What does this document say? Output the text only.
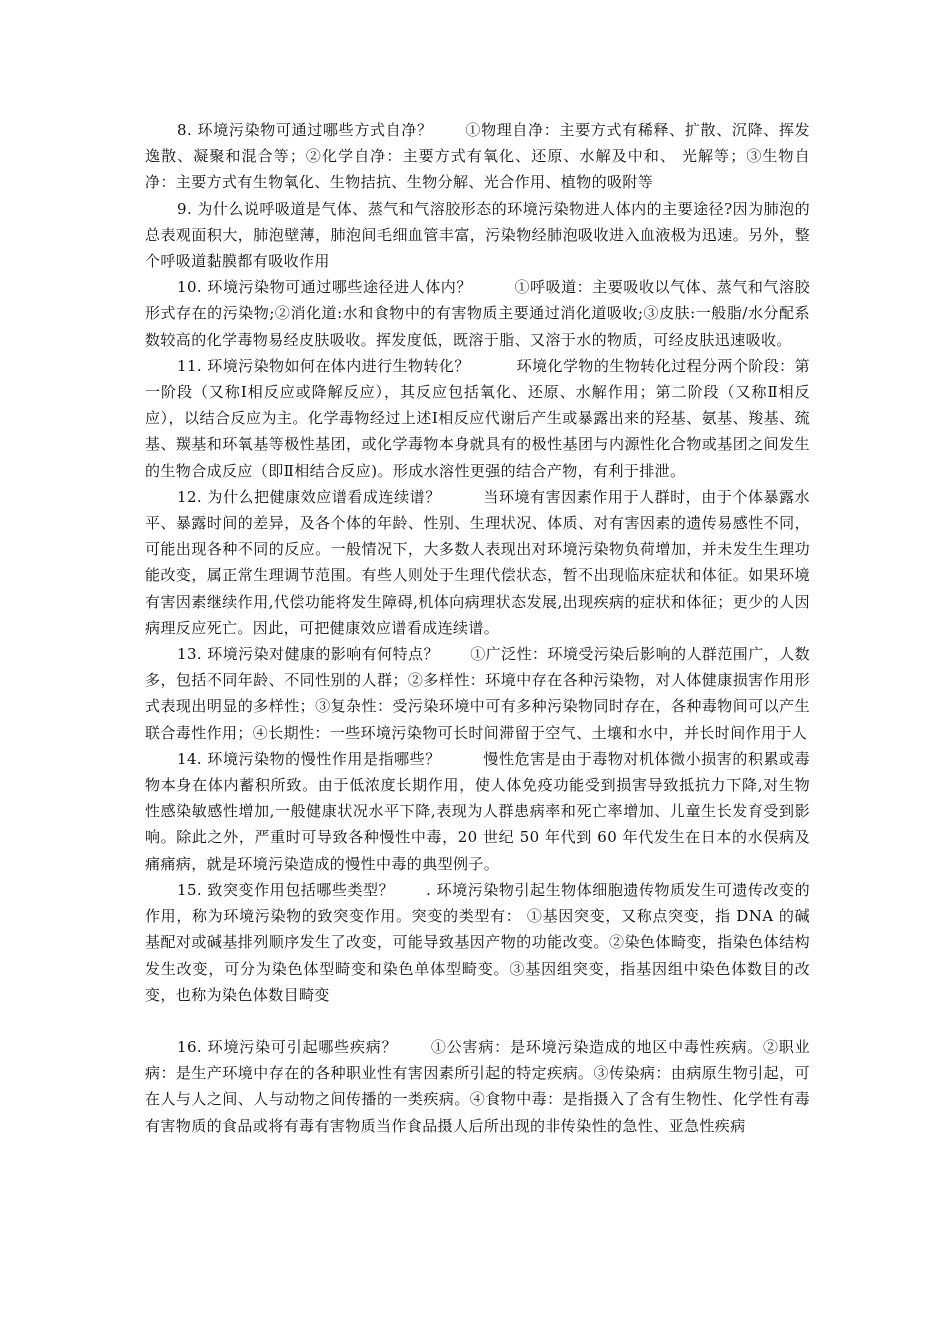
8. 环境污染物可通过哪些方式自净？ ①物理自净：主要方式有稀释、扩散、沉降、挥发逸散、凝聚和混合等；②化学自净：主要方式有氧化、还原、水解及中和、 光解等；③生物自净：主要方式有生物氧化、生物拮抗、生物分解、光合作用、植物的吸附等

9. 为什么说呼吸道是气体、蒸气和气溶胶形态的环境污染物进人体内的主要途径?因为肺泡的总表观面积大，肺泡壁薄，肺泡间毛细血管丰富，污染物经肺泡吸收进入血液极为迅速。另外，整个呼吸道黏膜都有吸收作用

10. 环境污染物可通过哪些途径进人体内？	①呼吸道：主要吸收以气体、蒸气和气溶胶形式存在的污染物;②消化道:水和食物中的有害物质主要通过消化道吸收;③皮肤:一般脂/水分配系数较高的化学毒物易经皮肤吸收。挥发度低，既溶于脂、又溶于水的物质，可经皮肤迅速吸收。

11. 环境污染物如何在体内进行生物转化？	环境化学物的生物转化过程分两个阶段：第一阶段（又称Ⅰ相反应或降解反应），其反应包括氧化、还原、水解作用；第二阶段（又称Ⅱ相反应），以结合反应为主。化学毒物经过上述Ⅰ相反应代谢后产生或暴露出来的羟基、氨基、羧基、巯基、羰基和环氧基等极性基团，或化学毒物本身就具有的极性基团与内源性化合物或基团之间发生的生物合成反应（即Ⅱ相结合反应)。形成水溶性更强的结合产物，有利于排泄。

12. 为什么把健康效应谱看成连续谱？	当环境有害因素作用于人群时，由于个体暴露水平、暴露时间的差异，及各个体的年龄、性别、生理状况、体质、对有害因素的遗传易感性不同，可能出现各种不同的反应。一般情况下，大多数人表现出对环境污染物负荷增加，并未发生生理功能改变，属正常生理调节范围。有些人则处于生理代偿状态，暂不出现临床症状和体征。如果环境有害因素继续作用,代偿功能将发生障碍,机体向病理状态发展,出现疾病的症状和体征；更少的人因病理反应死亡。因此，可把健康效应谱看成连续谱。

13. 环境污染对健康的影响有何特点？ ①广泛性：环境受污染后影响的人群范围广，人数多，包括不同年龄、不同性别的人群；②多样性：环境中存在各种污染物，对人体健康损害作用形式表现出明显的多样性；③复杂性：受污染环境中可有多种污染物同时存在，各种毒物间可以产生联合毒性作用；④长期性：一些环境污染物可长时间滞留于空气、土壤和水中，并长时间作用于人

14. 环境污染物的慢性作用是指哪些？	慢性危害是由于毒物对机体微小损害的积累或毒物本身在体内蓄积所致。由于低浓度长期作用，使人体免疫功能受到损害导致抵抗力下降,对生物性感染敏感性增加,一般健康状况水平下降,表现为人群患病率和死亡率增加、儿童生长发育受到影响。除此之外，严重时可导致各种慢性中毒，20 世纪 50 年代到 60 年代发生在日本的水俣病及痛痛病，就是环境污染造成的慢性中毒的典型例子。

15. 致突变作用包括哪些类型？ . 环境污染物引起生物体细胞遗传物质发生可遗传改变的作用，称为环境污染物的致突变作用。突变的类型有： ①基因突变，又称点突变，指 DNA 的碱基配对或碱基排列顺序发生了改变，可能导致基因产物的功能改变。②染色体畸变，指染色体结构发生改变，可分为染色体型畸变和染色单体型畸变。③基因组突变，指基因组中染色体数目的改变，也称为染色体数目畸变

16. 环境污染可引起哪些疾病？ ①公害病：是环境污染造成的地区中毒性疾病。②职业病：是生产环境中存在的各种职业性有害因素所引起的特定疾病。③传染病：由病原生物引起，可在人与人之间、人与动物之间传播的一类疾病。④食物中毒：是指摄入了含有生物性、化学性有毒有害物质的食品或将有毒有害物质当作食品摄人后所出现的非传染性的急性、亚急性疾病
